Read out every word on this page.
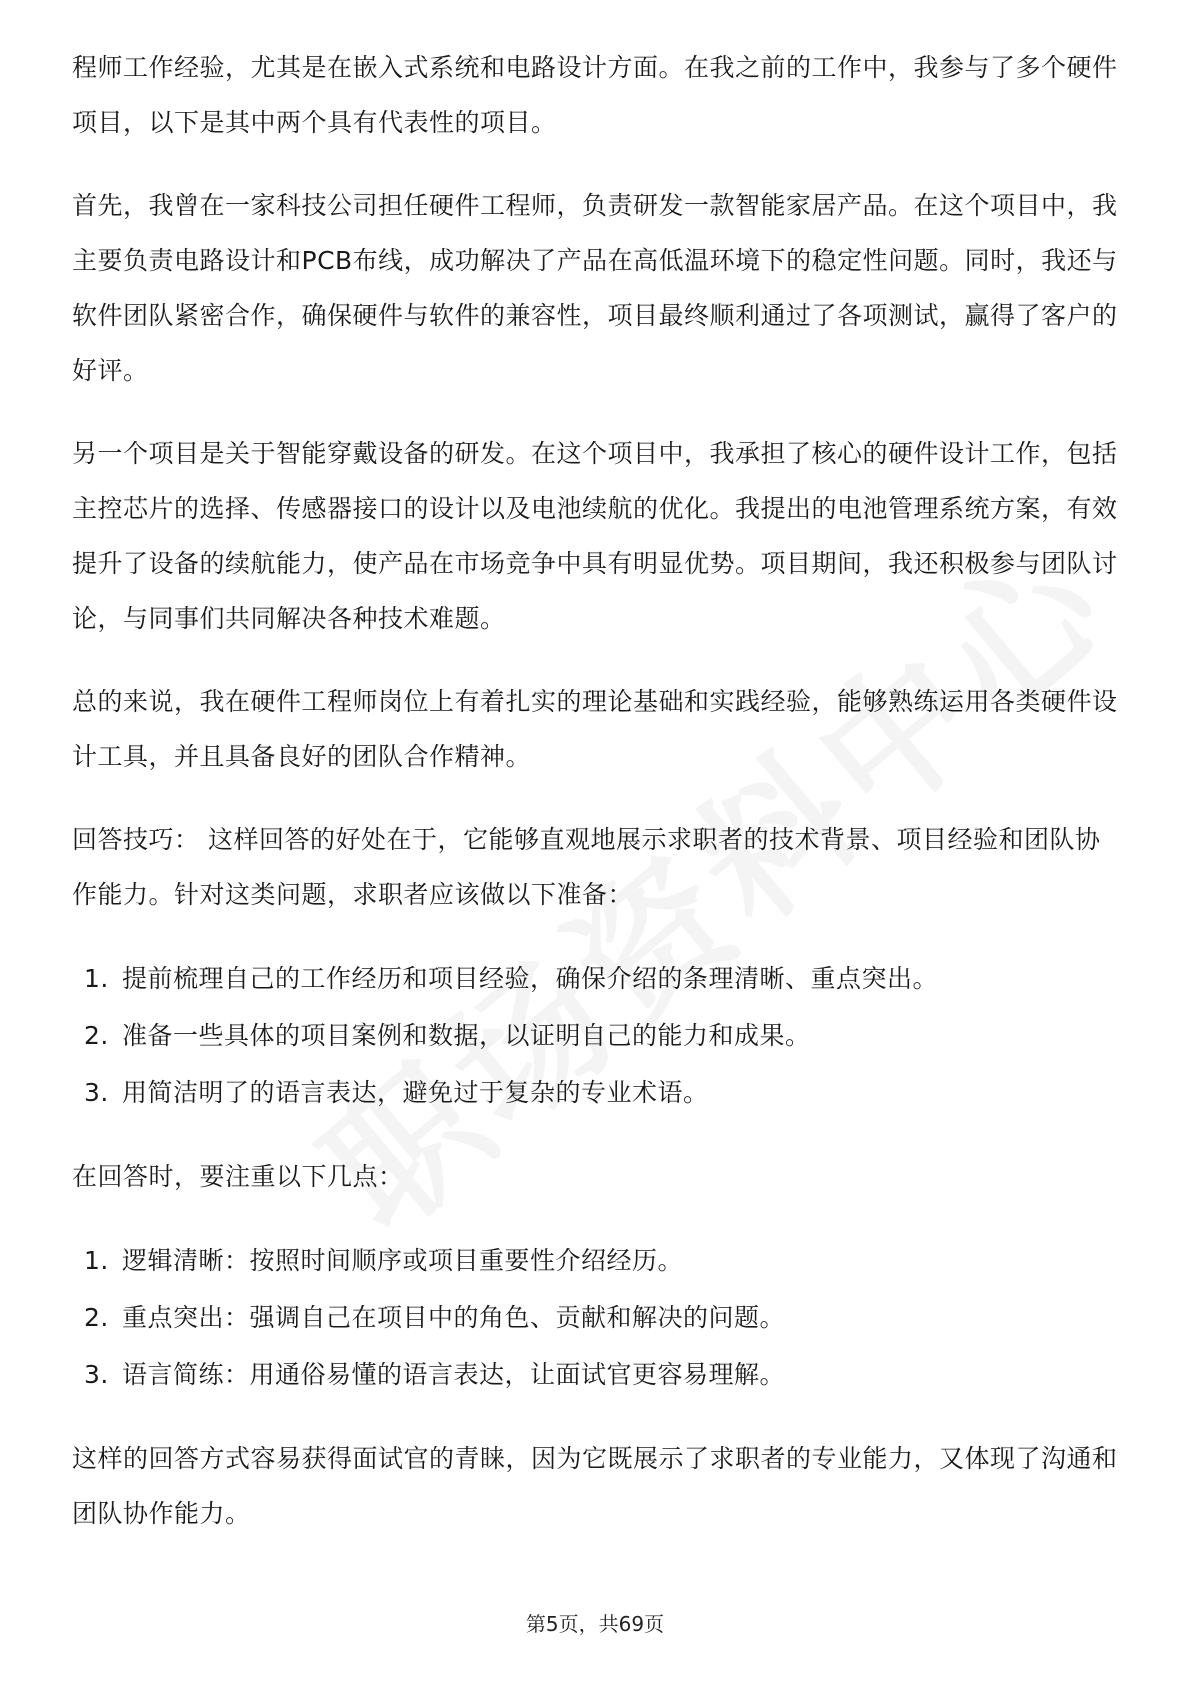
程师工作经验，尤其是在嵌入式系统和电路设计方面。在我之前的工作中，我参与了多个硬件项目，以下是其中两个具有代表性的项目。

首先，我曾在一家科技公司担任硬件工程师，负责研发一款智能家居产品。在这个项目中，我主要负责电路设计和PCB布线，成功解决了产品在高低温环境下的稳定性问题。同时，我还与软件团队紧密合作，确保硬件与软件的兼容性，项目最终顺利通过了各项测试，赢得了客户的好评。

另一个项目是关于智能穿戴设备的研发。在这个项目中，我承担了核心的硬件设计工作，包括主控芯片的选择、传感器接口的设计以及电池续航的优化。我提出的电池管理系统方案，有效提升了设备的续航能力，使产品在市场竞争中具有明显优势。项目期间，我还积极参与团队讨论，与同事们共同解决各种技术难题。

总的来说，我在硬件工程师岗位上有着扎实的理论基础和实践经验，能够熟练运用各类硬件设计工具，并且具备良好的团队合作精神。

回答技巧： 这样回答的好处在于，它能够直观地展示求职者的技术背景、项目经验和团队协作能力。针对这类问题，求职者应该做以下准备：

1. 提前梳理自己的工作经历和项目经验，确保介绍的条理清晰、重点突出。
2. 准备一些具体的项目案例和数据，以证明自己的能力和成果。
3. 用简洁明了的语言表达，避免过于复杂的专业术语。

在回答时，要注重以下几点：

1. 逻辑清晰：按照时间顺序或项目重要性介绍经历。
2. 重点突出：强调自己在项目中的角色、贡献和解决的问题。
3. 语言简练：用通俗易懂的语言表达，让面试官更容易理解。

这样的回答方式容易获得面试官的青睐，因为它既展示了求职者的专业能力，又体现了沟通和团队协作能力。

第5页，共69页
